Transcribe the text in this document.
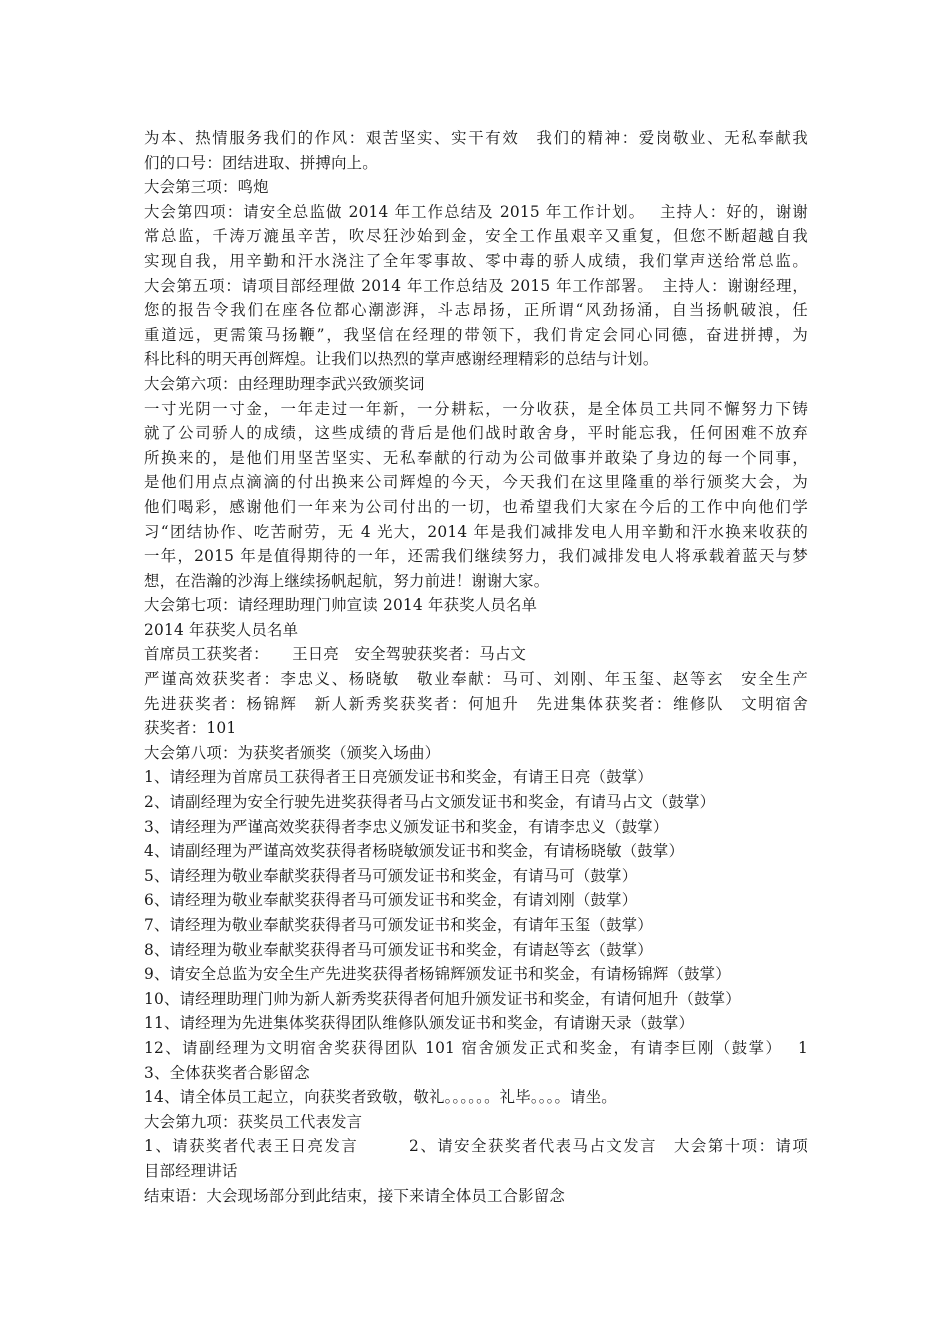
为本、热情服务我们的作风：艰苦坚实、实干有效　我们的精神：爱岗敬业、无私奉献我
们的口号：团结进取、拼搏向上。
大会第三项：鸣炮
大会第四项：请安全总监做 2014 年工作总结及 2015 年工作计划。　 主持人：好的，谢谢
常总监，千涛万漉虽辛苦，吹尽狂沙始到金，安全工作虽艰辛又重复，但您不断超越自我
实现自我，用辛勤和汗水浇注了全年零事故、零中毒的骄人成绩，我们掌声送给常总监。
大会第五项：请项目部经理做 2014 年工作总结及 2015 年工作部署。　主持人：谢谢经理，
您的报告令我们在座各位都心潮澎湃，斗志昂扬，正所谓“风劲扬涌，自当扬帆破浪，任
重道远，更需策马扬鞭”，我坚信在经理的带领下，我们肯定会同心同德，奋进拼搏，为
科比科的明天再创辉煌。让我们以热烈的掌声感谢经理精彩的总结与计划。
大会第六项：由经理助理李武兴致颁奖词
一寸光阴一寸金，一年走过一年新，一分耕耘，一分收获，是全体员工共同不懈努力下铸
就了公司骄人的成绩，这些成绩的背后是他们战时敢舍身，平时能忘我，任何困难不放弃
所换来的，是他们用坚苦坚实、无私奉献的行动为公司做事并敢染了身边的每一个同事，
是他们用点点滴滴的付出换来公司辉煌的今天，今天我们在这里隆重的举行颁奖大会，为
他们喝彩，感谢他们一年来为公司付出的一切，也希望我们大家在今后的工作中向他们学
习“团结协作、吃苦耐劳，无 4 光大，2014 年是我们减排发电人用辛勤和汗水换来收获的
一年，2015 年是值得期待的一年，还需我们继续努力，我们减排发电人将承载着蓝天与梦
想，在浩瀚的沙海上继续扬帆起航，努力前进！谢谢大家。
大会第七项：请经理助理门帅宣读 2014 年获奖人员名单
2014 年获奖人员名单
首席员工获奖者：　　王日亮　安全驾驶获奖者：马占文
严谨高效获奖者：李忠义、杨晓敏　敬业奉献：马可、刘刚、年玉玺、赵等玄　安全生产
先进获奖者：杨锦辉　新人新秀奖获奖者：何旭升　先进集体获奖者：维修队　文明宿舍
获奖者：101
大会第八项：为获奖者颁奖（颁奖入场曲）
1、请经理为首席员工获得者王日亮颁发证书和奖金，有请王日亮（鼓掌）
2、请副经理为安全行驶先进奖获得者马占文颁发证书和奖金，有请马占文（鼓掌）
3、请经理为严谨高效奖获得者李忠义颁发证书和奖金，有请李忠义（鼓掌）
4、请副经理为严谨高效奖获得者杨晓敏颁发证书和奖金，有请杨晓敏（鼓掌）
5、请经理为敬业奉献奖获得者马可颁发证书和奖金，有请马可（鼓掌）
6、请经理为敬业奉献奖获得者马可颁发证书和奖金，有请刘刚（鼓掌）
7、请经理为敬业奉献奖获得者马可颁发证书和奖金，有请年玉玺（鼓掌）
8、请经理为敬业奉献奖获得者马可颁发证书和奖金，有请赵等玄（鼓掌）
9、请安全总监为安全生产先进奖获得者杨锦辉颁发证书和奖金，有请杨锦辉（鼓掌）
10、请经理助理门帅为新人新秀奖获得者何旭升颁发证书和奖金，有请何旭升（鼓掌）
11、请经理为先进集体奖获得团队维修队颁发证书和奖金，有请谢天录（鼓掌）
12、请副经理为文明宿舍奖获得团队 101 宿舍颁发正式和奖金，有请李巨刚（鼓掌）　 1
3、全体获奖者合影留念
14、请全体员工起立，向获奖者致敬，敬礼。。。。。。礼毕。。。。请坐。
大会第九项：获奖员工代表发言
1、请获奖者代表王日亮发言　　　2、请安全获奖者代表马占文发言　大会第十项：请项
目部经理讲话
结束语：大会现场部分到此结束，接下来请全体员工合影留念
